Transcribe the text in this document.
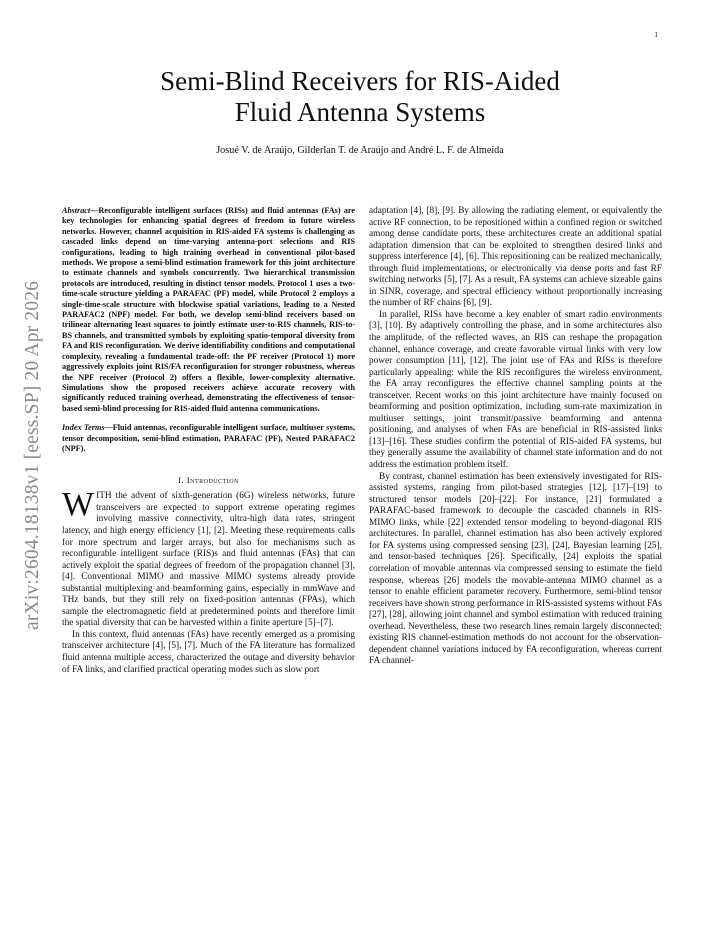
1
arXiv:2604.18138v1 [eess.SP] 20 Apr 2026
Semi-Blind Receivers for RIS-Aided
Fluid Antenna Systems
Josué V. de Araújo, Gilderlan T. de Araújo and André L. F. de Almeida
Abstract—Reconfigurable intelligent surfaces (RISs) and fluid antennas (FAs) are key technologies for enhancing spatial degrees of freedom in future wireless networks. However, channel acquisition in RIS-aided FA systems is challenging as cascaded links depend on time-varying antenna-port selections and RIS configurations, leading to high training overhead in conventional pilot-based methods. We propose a semi-blind estimation framework for this joint architecture to estimate channels and symbols concurrently. Two hierarchical transmission protocols are introduced, resulting in distinct tensor models. Protocol 1 uses a two-time-scale structure yielding a PARAFAC (PF) model, while Protocol 2 employs a single-time-scale structure with blockwise spatial variations, leading to a Nested PARAFAC2 (NPF) model. For both, we develop semi-blind receivers based on trilinear alternating least squares to jointly estimate user-to-RIS channels, RIS-to-BS channels, and transmitted symbols by exploiting spatio-temporal diversity from FA and RIS reconfiguration. We derive identifiability conditions and computational complexity, revealing a fundamental trade-off: the PF receiver (Protocol 1) more aggressively exploits joint RIS/FA reconfiguration for stronger robustness, whereas the NPF receiver (Protocol 2) offers a flexible, lower-complexity alternative. Simulations show the proposed receivers achieve accurate recovery with significantly reduced training overhead, demonstrating the effectiveness of tensor-based semi-blind processing for RIS-aided fluid antenna communications.
Index Terms—Fluid antennas, reconfigurable intelligent surface, multiuser systems, tensor decomposition, semi-blind estimation, PARAFAC (PF), Nested PARAFAC2 (NPF).
I. Introduction

WITH the advent of sixth-generation (6G) wireless networks, future transceivers are expected to support extreme operating regimes involving massive connectivity, ultra-high data rates, stringent latency, and high energy efficiency [1], [2]. Meeting these requirements calls for more spectrum and larger arrays, but also for mechanisms such as reconfigurable intelligent surface (RIS)s and fluid antennas (FAs) that can actively exploit the spatial degrees of freedom of the propagation channel [3], [4]. Conventional MIMO and massive MIMO systems already provide substantial multiplexing and beamforming gains, especially in mmWave and THz bands, but they still rely on fixed-position antennas (FPAs), which sample the electromagnetic field at predetermined points and therefore limit the spatial diversity that can be harvested within a finite aperture [5]–[7].

In this context, fluid antennas (FAs) have recently emerged as a promising transceiver architecture [4], [5], [7]. Much of the FA literature has formalized fluid antenna multiple access, characterized the outage and diversity behavior of FA links, and clarified practical operating modes such as slow port

adaptation [4], [8], [9]. By allowing the radiating element, or equivalently the active RF connection, to be repositioned within a confined region or switched among dense candidate ports, these architectures create an additional spatial adaptation dimension that can be exploited to strengthen desired links and suppress interference [4], [6]. This repositioning can be realized mechanically, through fluid implementations, or electronically via dense ports and fast RF switching networks [5], [7]. As a result, FA systems can achieve sizeable gains in SINR, coverage, and spectral efficiency without proportionally increasing the number of RF chains [6], [9].

In parallel, RISs have become a key enabler of smart radio environments [3], [10]. By adaptively controlling the phase, and in some architectures also the amplitude, of the reflected waves, an RIS can reshape the propagation channel, enhance coverage, and create favorable virtual links with very low power consumption [11], [12]. The joint use of FAs and RISs is therefore particularly appealing: while the RIS reconfigures the wireless environment, the FA array reconfigures the effective channel sampling points at the transceiver. Recent works on this joint architecture have mainly focused on beamforming and position optimization, including sum-rate maximization in multiuser settings, joint transmit/passive beamforming and antenna positioning, and analyses of when FAs are beneficial in RIS-assisted links [13]–[16]. These studies confirm the potential of RIS-aided FA systems, but they generally assume the availability of channel state information and do not address the estimation problem itself.

By contrast, channel estimation has been extensively investigated for RIS-assisted systems, ranging from pilot-based strategies [12], [17]–[19] to structured tensor models [20]–[22]. For instance, [21] formulated a PARAFAC-based framework to decouple the cascaded channels in RIS-MIMO links, while [22] extended tensor modeling to beyond-diagonal RIS architectures. In parallel, channel estimation has also been actively explored for FA systems using compressed sensing [23], [24], Bayesian learning [25], and tensor-based techniques [26]. Specifically, [24] exploits the spatial correlation of movable antennas via compressed sensing to estimate the field response, whereas [26] models the movable-antenna MIMO channel as a tensor to enable efficient parameter recovery. Furthermore, semi-blind tensor receivers have shown strong performance in RIS-assisted systems without FAs [27], [28], allowing joint channel and symbol estimation with reduced training overhead. Nevertheless, these two research lines remain largely disconnected: existing RIS channel-estimation methods do not account for the observation-dependent channel variations induced by FA reconfiguration, whereas current FA channel-
